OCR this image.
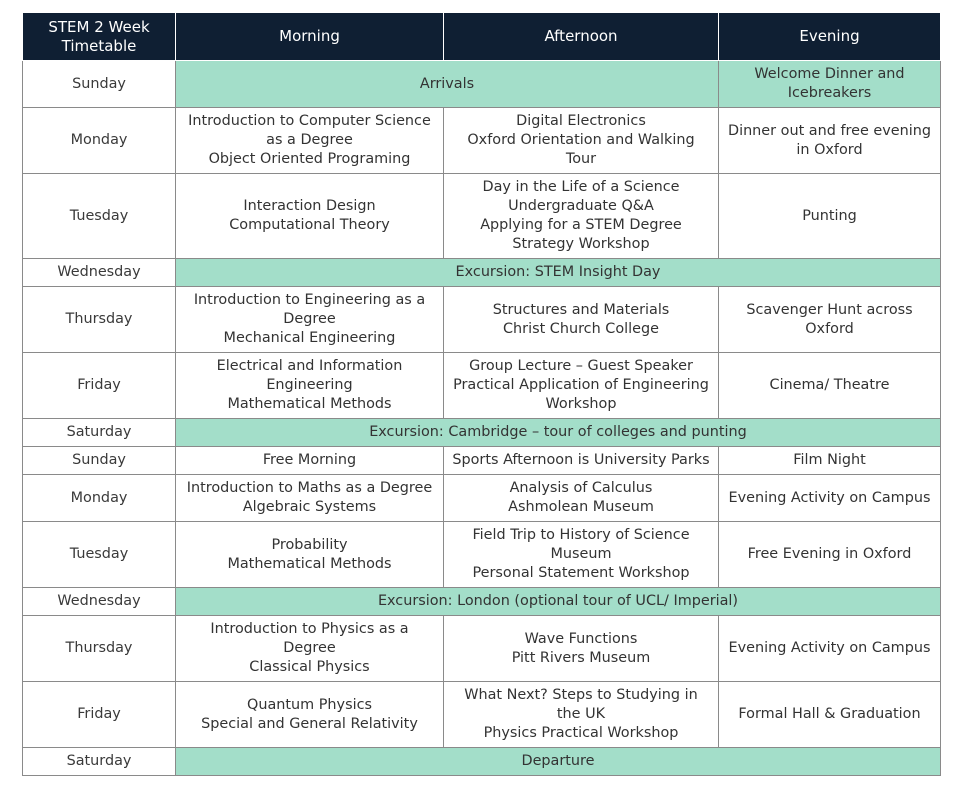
STEM 2 Week
Timetable	Morning	Afternoon	Evening
Sunday	Arrivals		Welcome Dinner and
Icebreakers
Monday	Introduction to Computer Science
as a Degree
Object Oriented Programing	Digital Electronics
Oxford Orientation and Walking
Tour	Dinner out and free evening
in Oxford
Tuesday	Interaction Design
Computational Theory	Day in the Life of a Science
Undergraduate Q&A
Applying for a STEM Degree
Strategy Workshop	Punting
Wednesday	Excursion: STEM Insight Day		
Thursday	Introduction to Engineering as a
Degree
Mechanical Engineering	Structures and Materials
Christ Church College	Scavenger Hunt across
Oxford
Friday	Electrical and Information
Engineering
Mathematical Methods	Group Lecture – Guest Speaker
Practical Application of Engineering
Workshop	Cinema/ Theatre
Saturday	Excursion: Cambridge – tour of colleges and punting		
Sunday	Free Morning	Sports Afternoon is University Parks	Film Night
Monday	Introduction to Maths as a Degree
Algebraic Systems	Analysis of Calculus
Ashmolean Museum	Evening Activity on Campus
Tuesday	Probability
Mathematical Methods	Field Trip to History of Science
Museum
Personal Statement Workshop	Free Evening in Oxford
Wednesday	Excursion: London (optional tour of UCL/ Imperial)		
Thursday	Introduction to Physics as a
Degree
Classical Physics	Wave Functions
Pitt Rivers Museum	Evening Activity on Campus
Friday	Quantum Physics
Special and General Relativity	What Next? Steps to Studying in
the UK
Physics Practical Workshop	Formal Hall & Graduation
Saturday	Departure		
